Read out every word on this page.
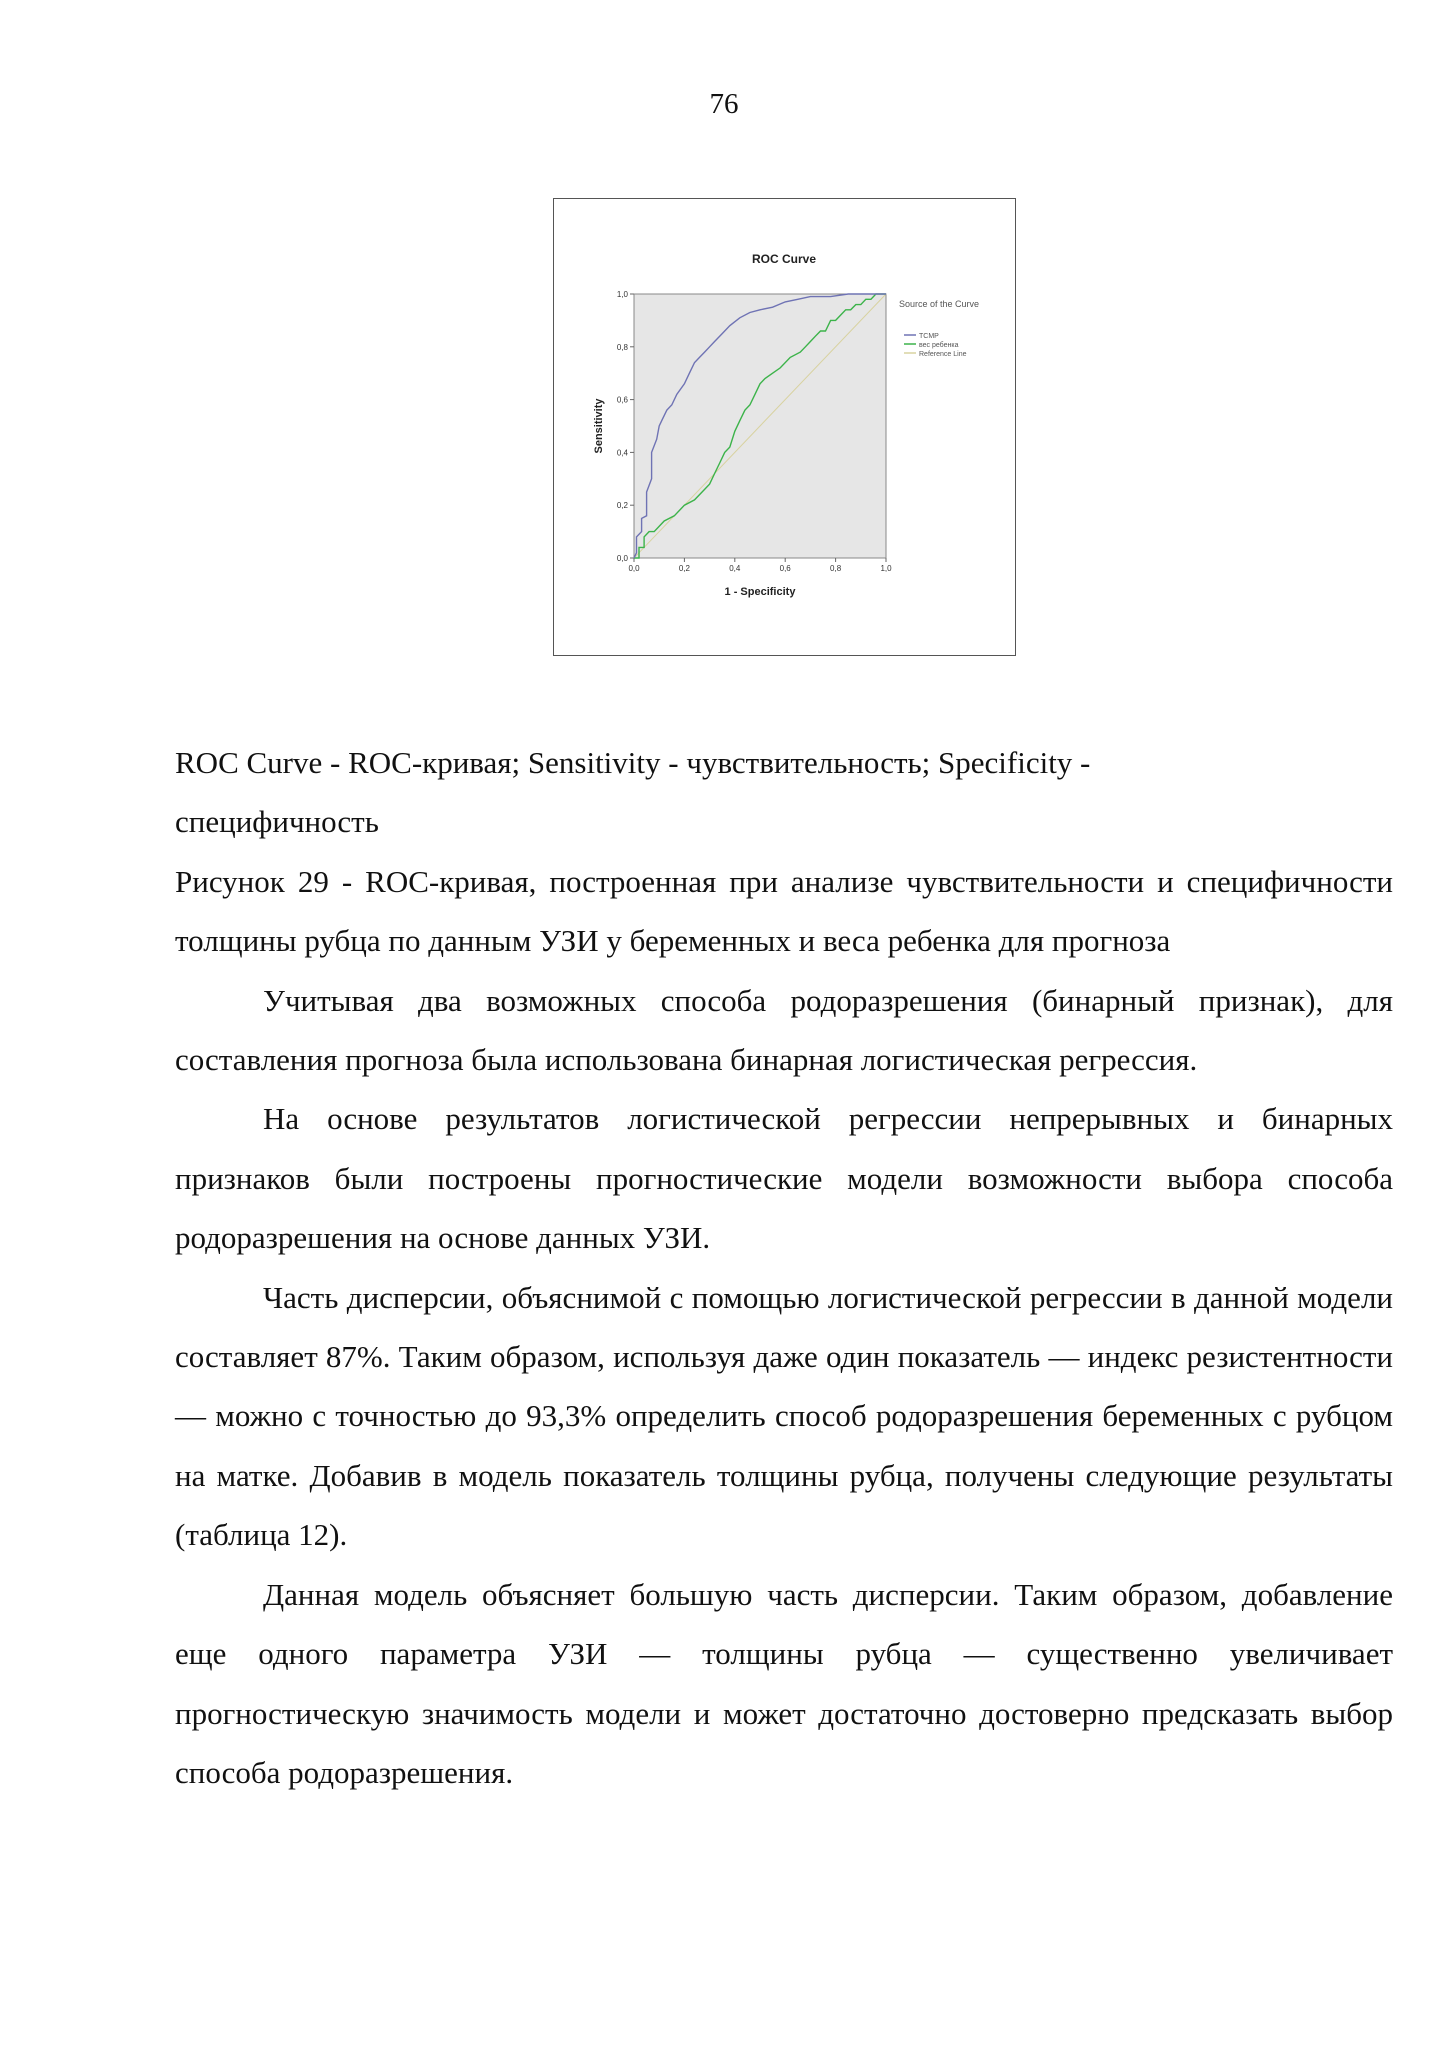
76
ROC Curve
0,0	0,2	0,4	0,6	0,8	1,0
0,0
0,2
0,4
0,6
0,8
1,0
1 - Specificity
Sensitivity
Source of the Curve
TCMP
вес ребенка
Reference Line

ROC Curve - ROC-кривая; Sensitivity - чувствительность; Specificity -

специфичность

Рисунок 29 - ROC-кривая, построенная при анализе чувствительности и специфичности толщины рубца по данным УЗИ у беременных и веса ребенка для прогноза

Учитывая два возможных способа родоразрешения (бинарный признак), для составления прогноза была использована бинарная логистическая регрессия.

На основе результатов логистической регрессии непрерывных и бинарных признаков были построены прогностические модели возможности выбора способа родоразрешения на основе данных УЗИ.

Часть дисперсии, объяснимой с помощью логистической регрессии в данной модели составляет 87%. Таким образом, используя даже один показатель — индекс резистентности — можно с точностью до 93,3% определить способ родоразрешения беременных с рубцом на матке. Добавив в модель показатель толщины рубца, получены следующие результаты (таблица 12).

Данная модель объясняет большую часть дисперсии. Таким образом, добавление еще одного параметра УЗИ — толщины рубца — существенно увеличивает прогностическую значимость модели и может достаточно достоверно предсказать выбор способа родоразрешения.
